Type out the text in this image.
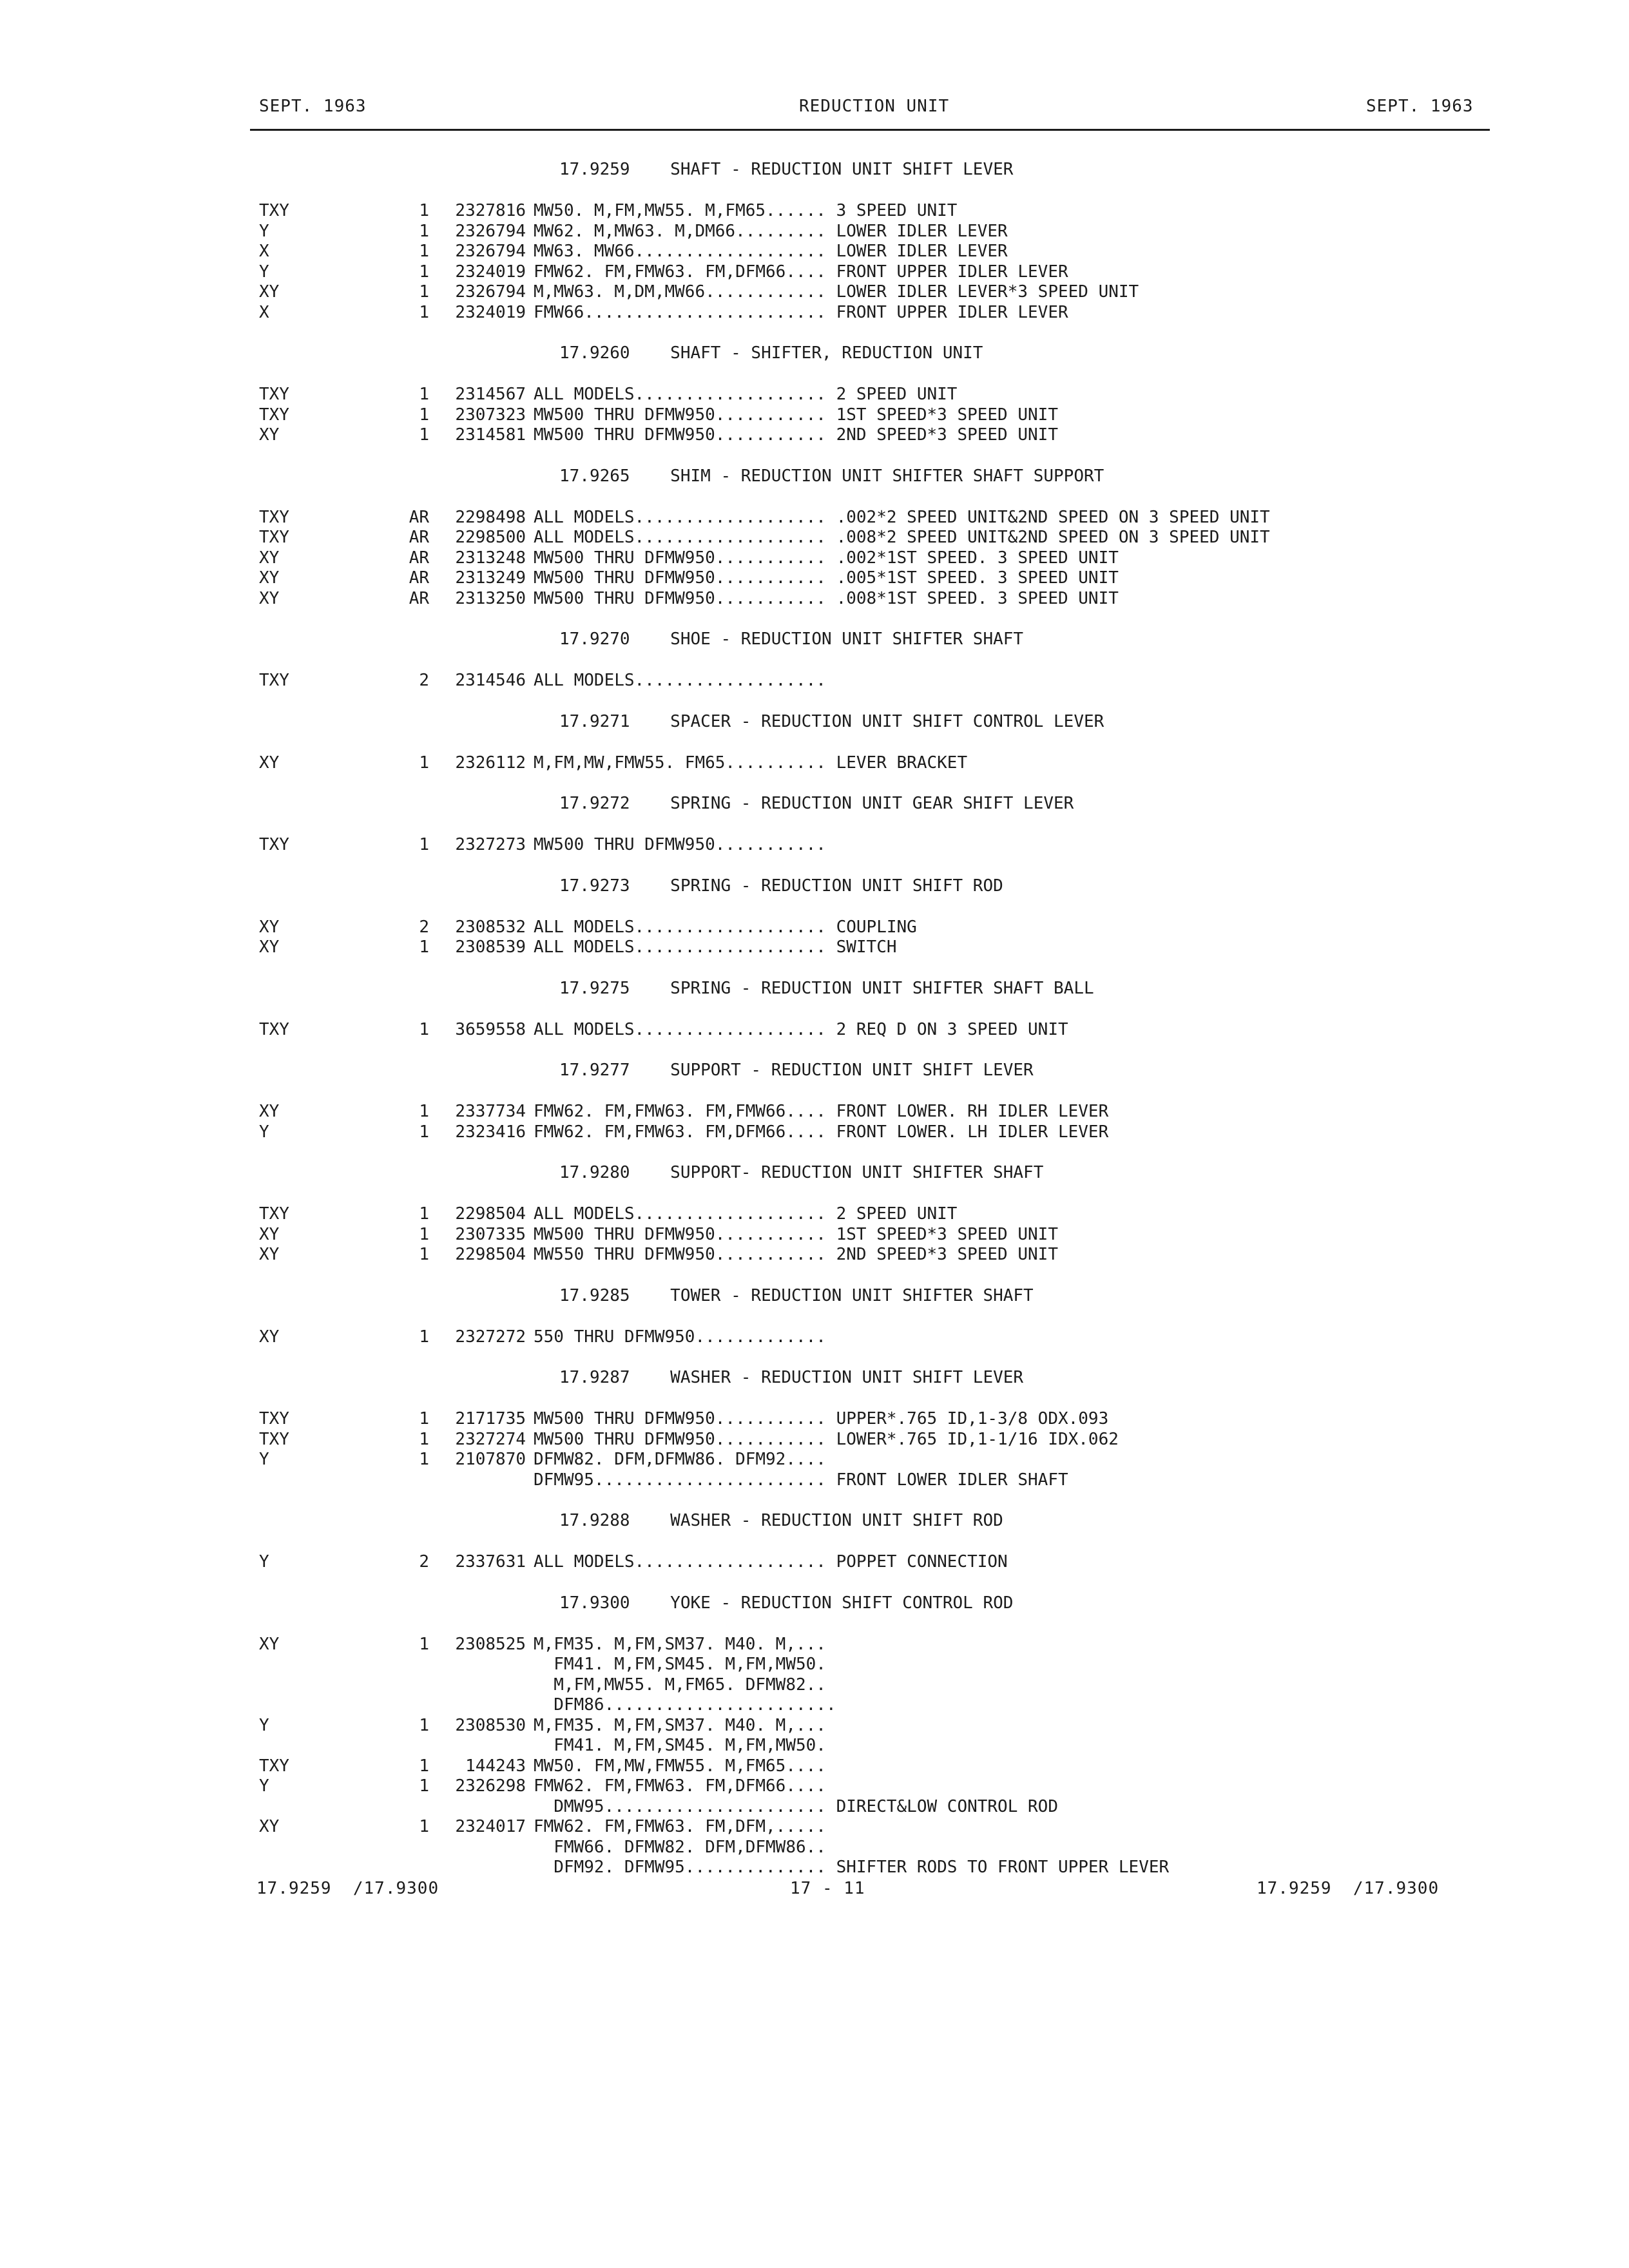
SEPT. 1963	REDUCTION UNIT	SEPT. 1963
17.9259    SHAFT - REDUCTION UNIT SHIFT LEVER
TXY	1	2327816 MW50. M,FM,MW55. M,FM65...... 3 SPEED UNIT
Y	1	2326794 MW62. M,MW63. M,DM66......... LOWER IDLER LEVER
X	1	2326794 MW63. MW66................... LOWER IDLER LEVER
Y	1	2324019 FMW62. FM,FMW63. FM,DFM66.... FRONT UPPER IDLER LEVER
XY	1	2326794 M,MW63. M,DM,MW66............ LOWER IDLER LEVER*3 SPEED UNIT
X	1	2324019 FMW66........................ FRONT UPPER IDLER LEVER
17.9260    SHAFT - SHIFTER, REDUCTION UNIT
TXY	1	2314567 ALL MODELS................... 2 SPEED UNIT
TXY	1	2307323 MW500 THRU DFMW950........... 1ST SPEED*3 SPEED UNIT
XY	1	2314581 MW500 THRU DFMW950........... 2ND SPEED*3 SPEED UNIT
17.9265    SHIM - REDUCTION UNIT SHIFTER SHAFT SUPPORT
TXY	AR	2298498 ALL MODELS................... .002*2 SPEED UNIT&2ND SPEED ON 3 SPEED UNIT
TXY	AR	2298500 ALL MODELS................... .008*2 SPEED UNIT&2ND SPEED ON 3 SPEED UNIT
XY	AR	2313248 MW500 THRU DFMW950........... .002*1ST SPEED. 3 SPEED UNIT
XY	AR	2313249 MW500 THRU DFMW950........... .005*1ST SPEED. 3 SPEED UNIT
XY	AR	2313250 MW500 THRU DFMW950........... .008*1ST SPEED. 3 SPEED UNIT
17.9270    SHOE - REDUCTION UNIT SHIFTER SHAFT
TXY	2	2314546 ALL MODELS...................
17.9271    SPACER - REDUCTION UNIT SHIFT CONTROL LEVER
XY	1	2326112 M,FM,MW,FMW55. FM65.......... LEVER BRACKET
17.9272    SPRING - REDUCTION UNIT GEAR SHIFT LEVER
TXY	1	2327273 MW500 THRU DFMW950...........
17.9273    SPRING - REDUCTION UNIT SHIFT ROD
XY	2	2308532 ALL MODELS................... COUPLING
XY	1	2308539 ALL MODELS................... SWITCH
17.9275    SPRING - REDUCTION UNIT SHIFTER SHAFT BALL
TXY	1	3659558 ALL MODELS................... 2 REQ D ON 3 SPEED UNIT
17.9277    SUPPORT - REDUCTION UNIT SHIFT LEVER
XY	1	2337734 FMW62. FM,FMW63. FM,FMW66.... FRONT LOWER. RH IDLER LEVER
Y	1	2323416 FMW62. FM,FMW63. FM,DFM66.... FRONT LOWER. LH IDLER LEVER
17.9280    SUPPORT- REDUCTION UNIT SHIFTER SHAFT
TXY	1	2298504 ALL MODELS................... 2 SPEED UNIT
XY	1	2307335 MW500 THRU DFMW950........... 1ST SPEED*3 SPEED UNIT
XY	1	2298504 MW550 THRU DFMW950........... 2ND SPEED*3 SPEED UNIT
17.9285    TOWER - REDUCTION UNIT SHIFTER SHAFT
XY	1	2327272 550 THRU DFMW950.............
17.9287    WASHER - REDUCTION UNIT SHIFT LEVER
TXY	1	2171735 MW500 THRU DFMW950........... UPPER*.765 ID,1-3/8 ODX.093
TXY	1	2327274 MW500 THRU DFMW950........... LOWER*.765 ID,1-1/16 IDX.062
Y	1	2107870 DFMW82. DFM,DFMW86. DFM92....
DFMW95....................... FRONT LOWER IDLER SHAFT
17.9288    WASHER - REDUCTION UNIT SHIFT ROD
Y	2	2337631 ALL MODELS................... POPPET CONNECTION
17.9300    YOKE - REDUCTION SHIFT CONTROL ROD
XY	1	2308525 M,FM35. M,FM,SM37. M40. M,...
FM41. M,FM,SM45. M,FM,MW50.
M,FM,MW55. M,FM65. DFMW82..
DFM86.......................
Y	1	2308530 M,FM35. M,FM,SM37. M40. M,...
FM41. M,FM,SM45. M,FM,MW50.
TXY	1	144243 MW50. FM,MW,FMW55. M,FM65....
Y	1	2326298 FMW62. FM,FMW63. FM,DFM66....
DMW95...................... DIRECT&LOW CONTROL ROD
XY	1	2324017 FMW62. FM,FMW63. FM,DFM,.....
FMW66. DFMW82. DFM,DFMW86..
DFM92. DFMW95.............. SHIFTER RODS TO FRONT UPPER LEVER
17.9259  /17.9300	17 - 11	17.9259  /17.9300
